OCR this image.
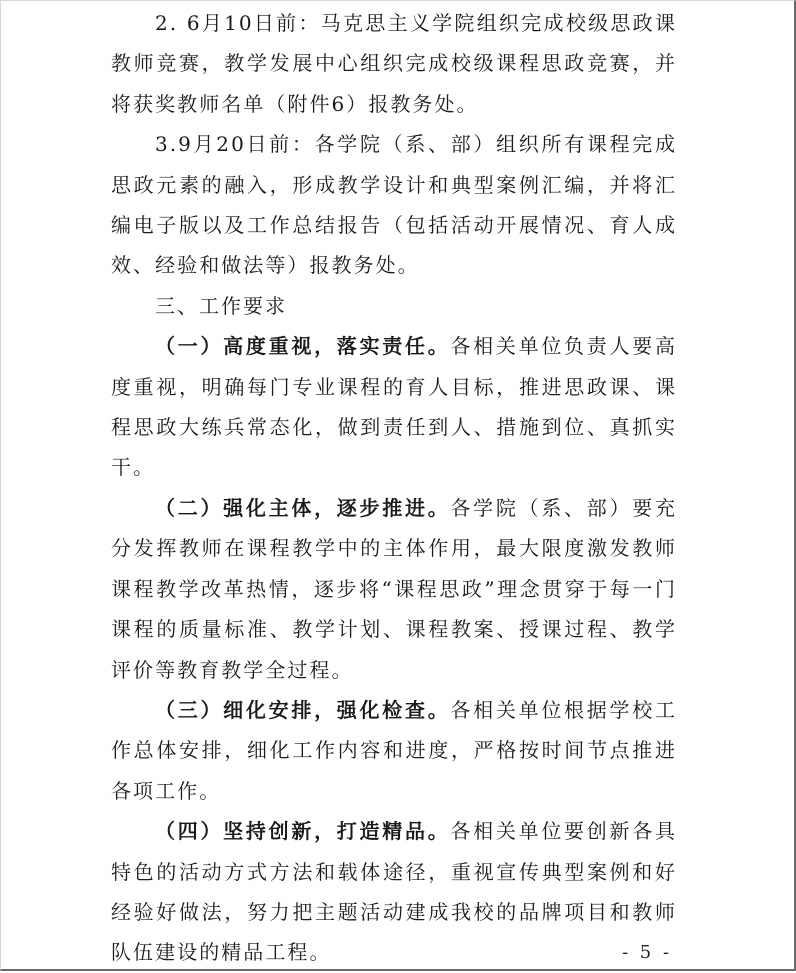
2. 6月10日前：马克思主义学院组织完成校级思政课教师竞赛，教学发展中心组织完成校级课程思政竞赛，并将获奖教师名单（附件6）报教务处。

3.9月20日前：各学院（系、部）组织所有课程完成思政元素的融入，形成教学设计和典型案例汇编，并将汇编电子版以及工作总结报告（包括活动开展情况、育人成效、经验和做法等）报教务处。

三、工作要求

（一）高度重视，落实责任。各相关单位负责人要高度重视，明确每门专业课程的育人目标，推进思政课、课程思政大练兵常态化，做到责任到人、措施到位、真抓实干。

（二）强化主体，逐步推进。各学院（系、部）要充分发挥教师在课程教学中的主体作用，最大限度激发教师课程教学改革热情，逐步将“课程思政”理念贯穿于每一门课程的质量标准、教学计划、课程教案、授课过程、教学评价等教育教学全过程。

（三）细化安排，强化检查。各相关单位根据学校工作总体安排，细化工作内容和进度，严格按时间节点推进各项工作。

（四）坚持创新，打造精品。各相关单位要创新各具特色的活动方式方法和载体途径，重视宣传典型案例和好经验好做法，努力把主题活动建成我校的品牌项目和教师队伍建设的精品工程。	- 5 -
